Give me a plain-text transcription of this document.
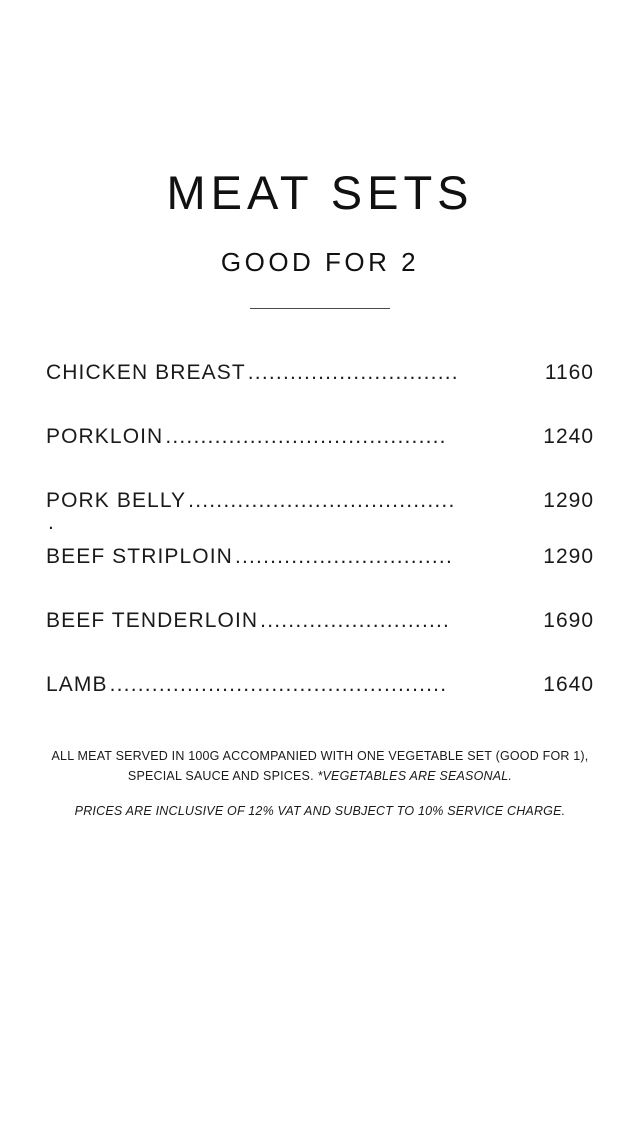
MEAT SETS
GOOD FOR 2
CHICKEN BREAST ..............................	1160
PORKLOIN ........................................	1240
PORK BELLY ......................................	1290
.
BEEF STRIPLOIN ...............................	1290
BEEF TENDERLOIN ...........................	1690
LAMB ................................................	1640
ALL MEAT SERVED IN 100G ACCOMPANIED WITH ONE VEGETABLE SET (GOOD FOR 1), SPECIAL SAUCE AND SPICES. *VEGETABLES ARE SEASONAL.
PRICES ARE INCLUSIVE OF 12% VAT AND SUBJECT TO 10% SERVICE CHARGE.
